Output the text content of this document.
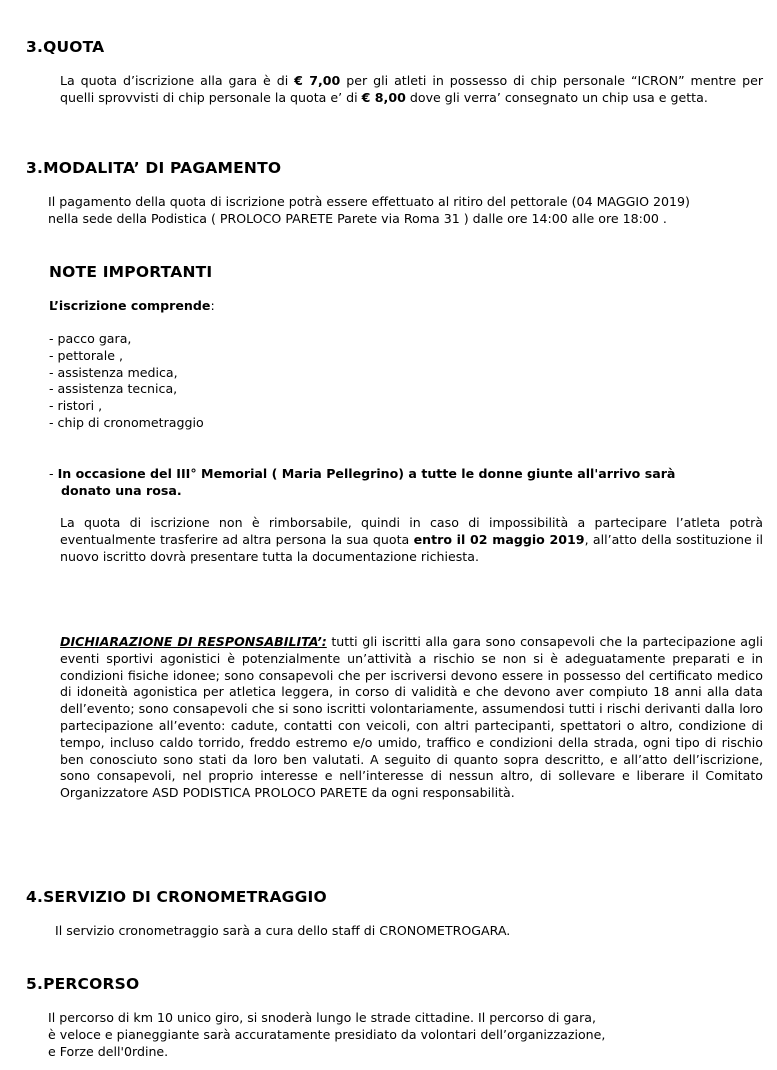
3.QUOTA
La quota d’iscrizione alla gara è di € 7,00 per gli atleti in possesso di chip personale “ICRON” mentre per quelli sprovvisti di chip personale la quota e’ di € 8,00 dove gli verra’ consegnato un chip usa e getta.
3.MODALITA’ DI PAGAMENTO
Il pagamento della quota di iscrizione potrà essere effettuato al ritiro del pettorale (04 MAGGIO 2019)
nella sede della Podistica ( PROLOCO PARETE Parete via Roma 31 ) dalle ore 14:00 alle ore 18:00 .
NOTE IMPORTANTI
L’iscrizione comprende:
- pacco gara,
- pettorale ,
- assistenza medica,
- assistenza tecnica,
- ristori ,
- chip di cronometraggio
- In occasione del III° Memorial ( Maria Pellegrino) a tutte le donne giunte all'arrivo sarà
donato una rosa.
La quota di iscrizione non è rimborsabile, quindi in caso di impossibilità a partecipare l’atleta potrà eventualmente trasferire ad altra persona la sua quota entro il 02 maggio 2019, all’atto della sostituzione il nuovo iscritto dovrà presentare tutta la documentazione richiesta.
DICHIARAZIONE DI RESPONSABILITA’: tutti gli iscritti alla gara sono consapevoli che la partecipazione agli eventi sportivi agonistici è potenzialmente un’attività a rischio se non si è adeguatamente preparati e in condizioni fisiche idonee; sono consapevoli che per iscriversi devono essere in possesso del certificato medico di idoneità agonistica per atletica leggera, in corso di validità e che devono aver compiuto 18 anni alla data dell’evento; sono consapevoli che si sono iscritti volontariamente, assumendosi tutti i rischi derivanti dalla loro partecipazione all’evento: cadute, contatti con veicoli, con altri partecipanti, spettatori o altro, condizione di tempo, incluso caldo torrido, freddo estremo e/o umido, traffico e condizioni della strada, ogni tipo di rischio ben conosciuto sono stati da loro ben valutati. A seguito di quanto sopra descritto, e all’atto dell’iscrizione, sono consapevoli, nel proprio interesse e nell’interesse di nessun altro, di sollevare e liberare il Comitato Organizzatore ASD PODISTICA PROLOCO PARETE da ogni responsabilità.
4.SERVIZIO DI CRONOMETRAGGIO
Il servizio cronometraggio sarà a cura dello staff di CRONOMETROGARA.
5.PERCORSO
Il percorso di km 10 unico giro, si snoderà lungo le strade cittadine. Il percorso di gara,
è veloce e pianeggiante sarà accuratamente presidiato da volontari dell’organizzazione,
e Forze dell'0rdine.
